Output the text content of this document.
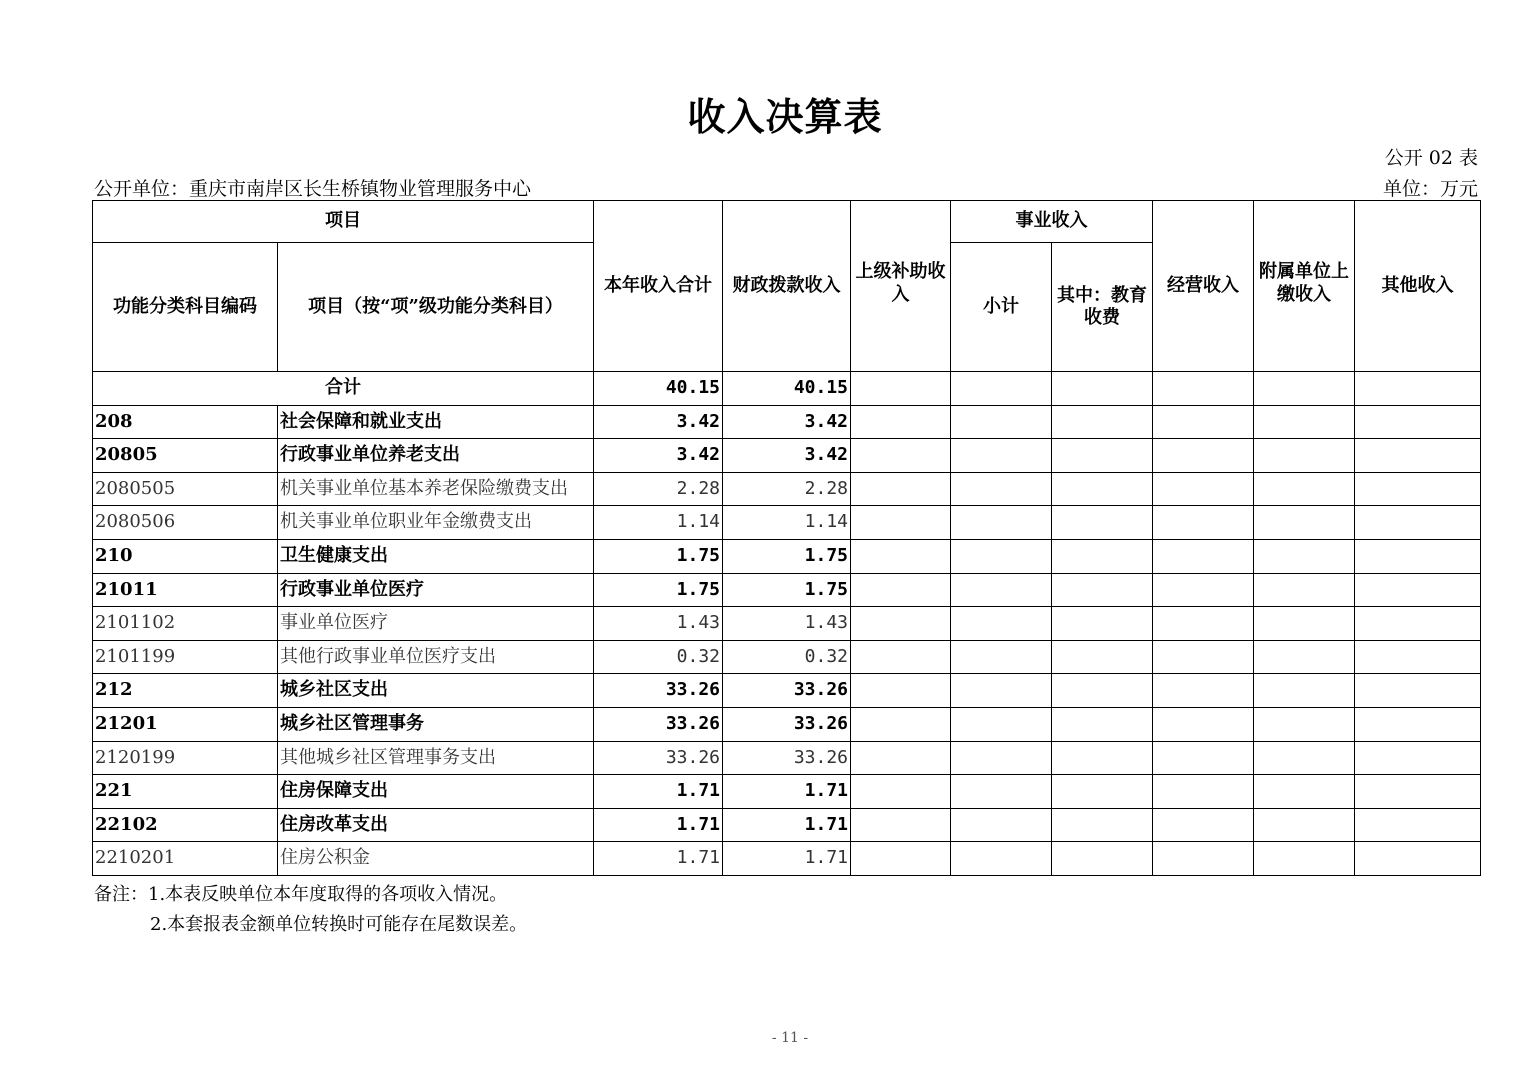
收入决算表
公开 02 表
公开单位：重庆市南岸区长生桥镇物业管理服务中心	单位：万元
项目		本年收入合计	财政拨款收入	上级补助收入	事业收入		经营收入	附属单位上缴收入	其他收入
功能分类科目编码	项目（按“项”级功能分类科目）				小计	其中：教育收费			
合计		40.15	40.15						
208	社会保障和就业支出	3.42	3.42						
20805	行政事业单位养老支出	3.42	3.42						
2080505	机关事业单位基本养老保险缴费支出	2.28	2.28						
2080506	机关事业单位职业年金缴费支出	1.14	1.14						
210	卫生健康支出	1.75	1.75						
21011	行政事业单位医疗	1.75	1.75						
2101102	事业单位医疗	1.43	1.43						
2101199	其他行政事业单位医疗支出	0.32	0.32						
212	城乡社区支出	33.26	33.26						
21201	城乡社区管理事务	33.26	33.26						
2120199	其他城乡社区管理事务支出	33.26	33.26						
221	住房保障支出	1.71	1.71						
22102	住房改革支出	1.71	1.71						
2210201	住房公积金	1.71	1.71						
备注：1.本表反映单位本年度取得的各项收入情况。
2.本套报表金额单位转换时可能存在尾数误差。
- 11 -
